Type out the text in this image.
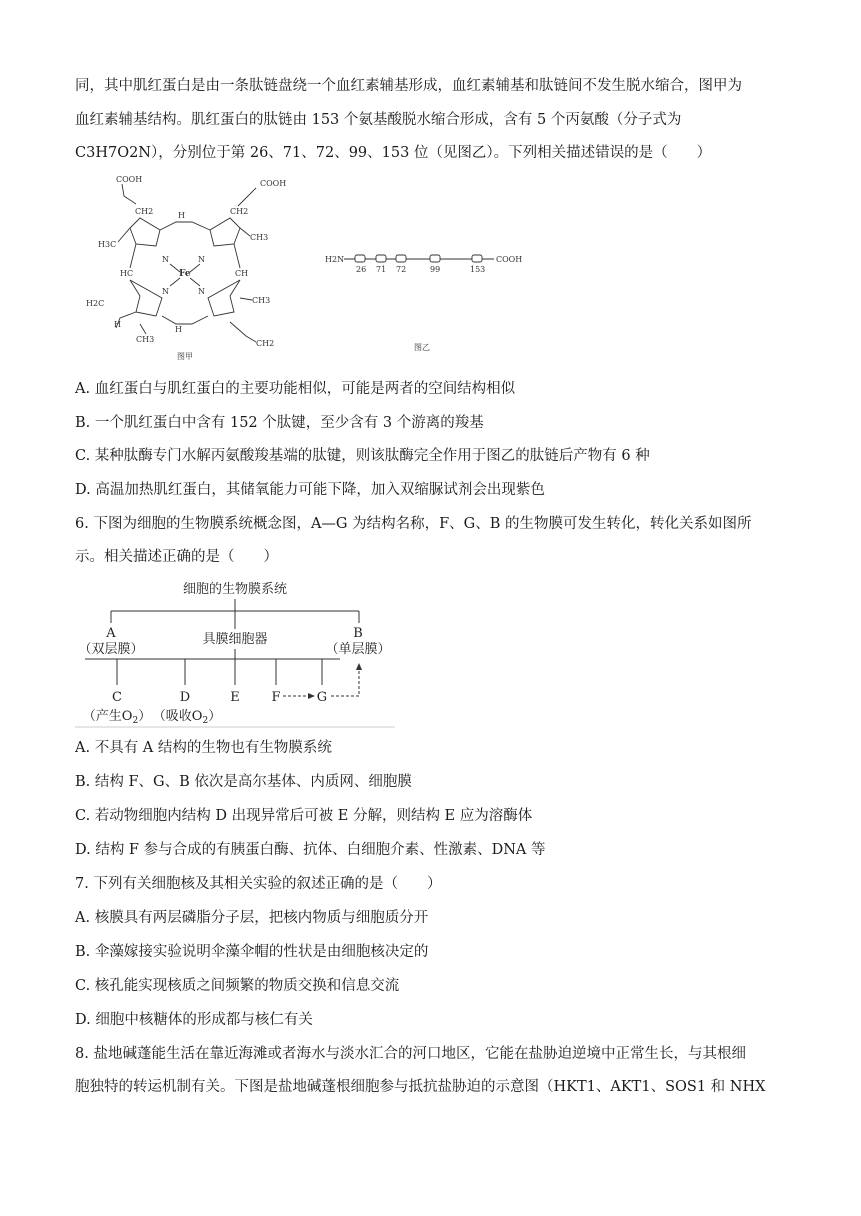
同，其中肌红蛋白是由一条肽链盘绕一个血红素辅基形成，血红素辅基和肽链间不发生脱水缩合，图甲为
血红素辅基结构。肌红蛋白的肽链由 153 个氨基酸脱水缩合形成，含有 5 个丙氨酸（分子式为
C3H7O2N），分别位于第 26、71、72、99、153 位（见图乙）。下列相关描述错误的是（　　）
COOH	COOH
CH2	CH2
H
H3C
CH3
HC	CH
Fe
N	N
N	N
H2C	CH3
H
H
CH3	CH2
图甲
H2N	COOH
26 71 72	99	153
图乙
A. 血红蛋白与肌红蛋白的主要功能相似，可能是两者的空间结构相似
B. 一个肌红蛋白中含有 152 个肽键，至少含有 3 个游离的羧基
C. 某种肽酶专门水解丙氨酸羧基端的肽键，则该肽酶完全作用于图乙的肽链后产物有 6 种
D. 高温加热肌红蛋白，其储氧能力可能下降，加入双缩脲试剂会出现紫色
6. 下图为细胞的生物膜系统概念图，A—G 为结构名称，F、G、B 的生物膜可发生转化，转化关系如图所
示。相关描述正确的是（　　）
细胞的生物膜系统
A
（双层膜）
具膜细胞器	B
（单层膜）
C	D	E F	G
（产生$O_2$） （吸收$O_2$）
A. 不具有 A 结构的生物也有生物膜系统
B. 结构 F、G、B 依次是高尔基体、内质网、细胞膜
C. 若动物细胞内结构 D 出现异常后可被 E 分解，则结构 E 应为溶酶体
D. 结构 F 参与合成的有胰蛋白酶、抗体、白细胞介素、性激素、DNA 等
7. 下列有关细胞核及其相关实验的叙述正确的是（　　）
A. 核膜具有两层磷脂分子层，把核内物质与细胞质分开
B. 伞藻嫁接实验说明伞藻伞帽的性状是由细胞核决定的
C. 核孔能实现核质之间频繁的物质交换和信息交流
D. 细胞中核糖体的形成都与核仁有关
8. 盐地碱蓬能生活在靠近海滩或者海水与淡水汇合的河口地区，它能在盐胁迫逆境中正常生长，与其根细
胞独特的转运机制有关。下图是盐地碱蓬根细胞参与抵抗盐胁迫的示意图（HKT1、AKT1、SOS1 和 NHX
